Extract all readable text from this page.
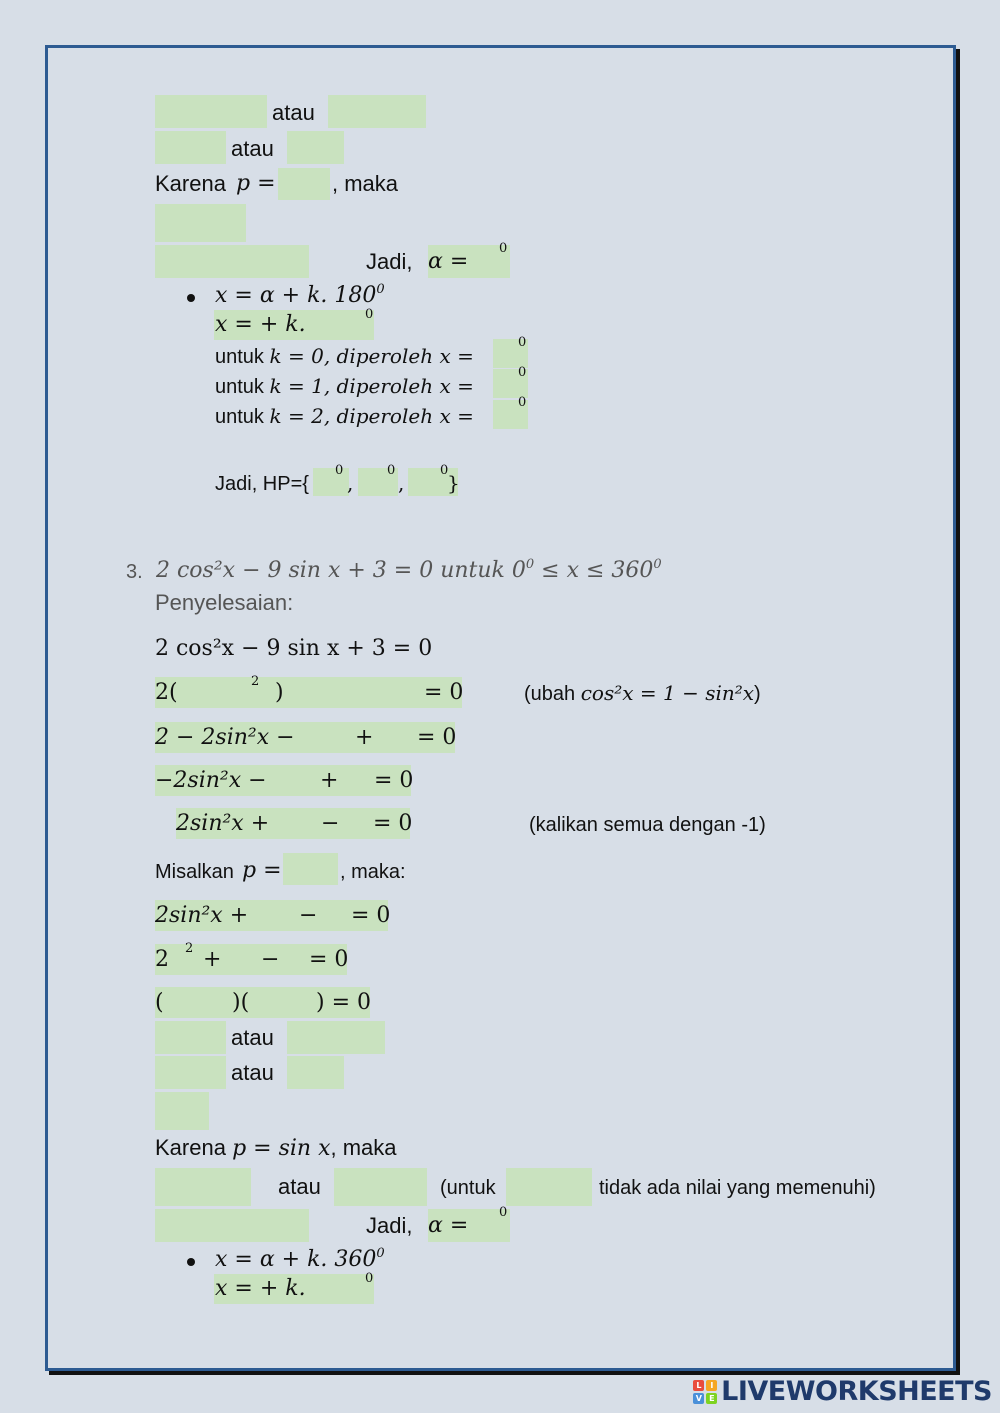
atau
atau
Karena p =	, maka
Jadi, α =
$^0$
x = α + k. $180^0$
x = + k.	$^0$
untuk k = 0, diperoleh x =
$^0$
untuk k = 1, diperoleh x =
$^0$
untuk k = 2, diperoleh x =
$^0$
Jadi, HP={
$^0$
,
$^0$
,
$^0$
}
3. 2 cos²x − 9 sin x + 3 = 0 untuk $0^0 \le x \le 360^0$
Penyelesaian:
2 cos²x − 9 sin x + 3 = 0
2(	$^2$ )	= 0	(ubah cos²x = 1 − sin²x)
2 − 2sin²x −	+ = 0
−2sin²x − + = 0
2sin²x + − = 0	(kalikan semua dengan -1)
Misalkan p =	, maka:
2sin²x + − = 0
2 $^2$ + − = 0
(	)(	) = 0
atau
atau
Karena p = sin x, maka
atau	(untuk	tidak ada nilai yang memenuhi)
Jadi, α =
$^0$
x = α + k. $360^0$
x = + k.	$^0$
L	I
V E LIVEWORKSHEETS
